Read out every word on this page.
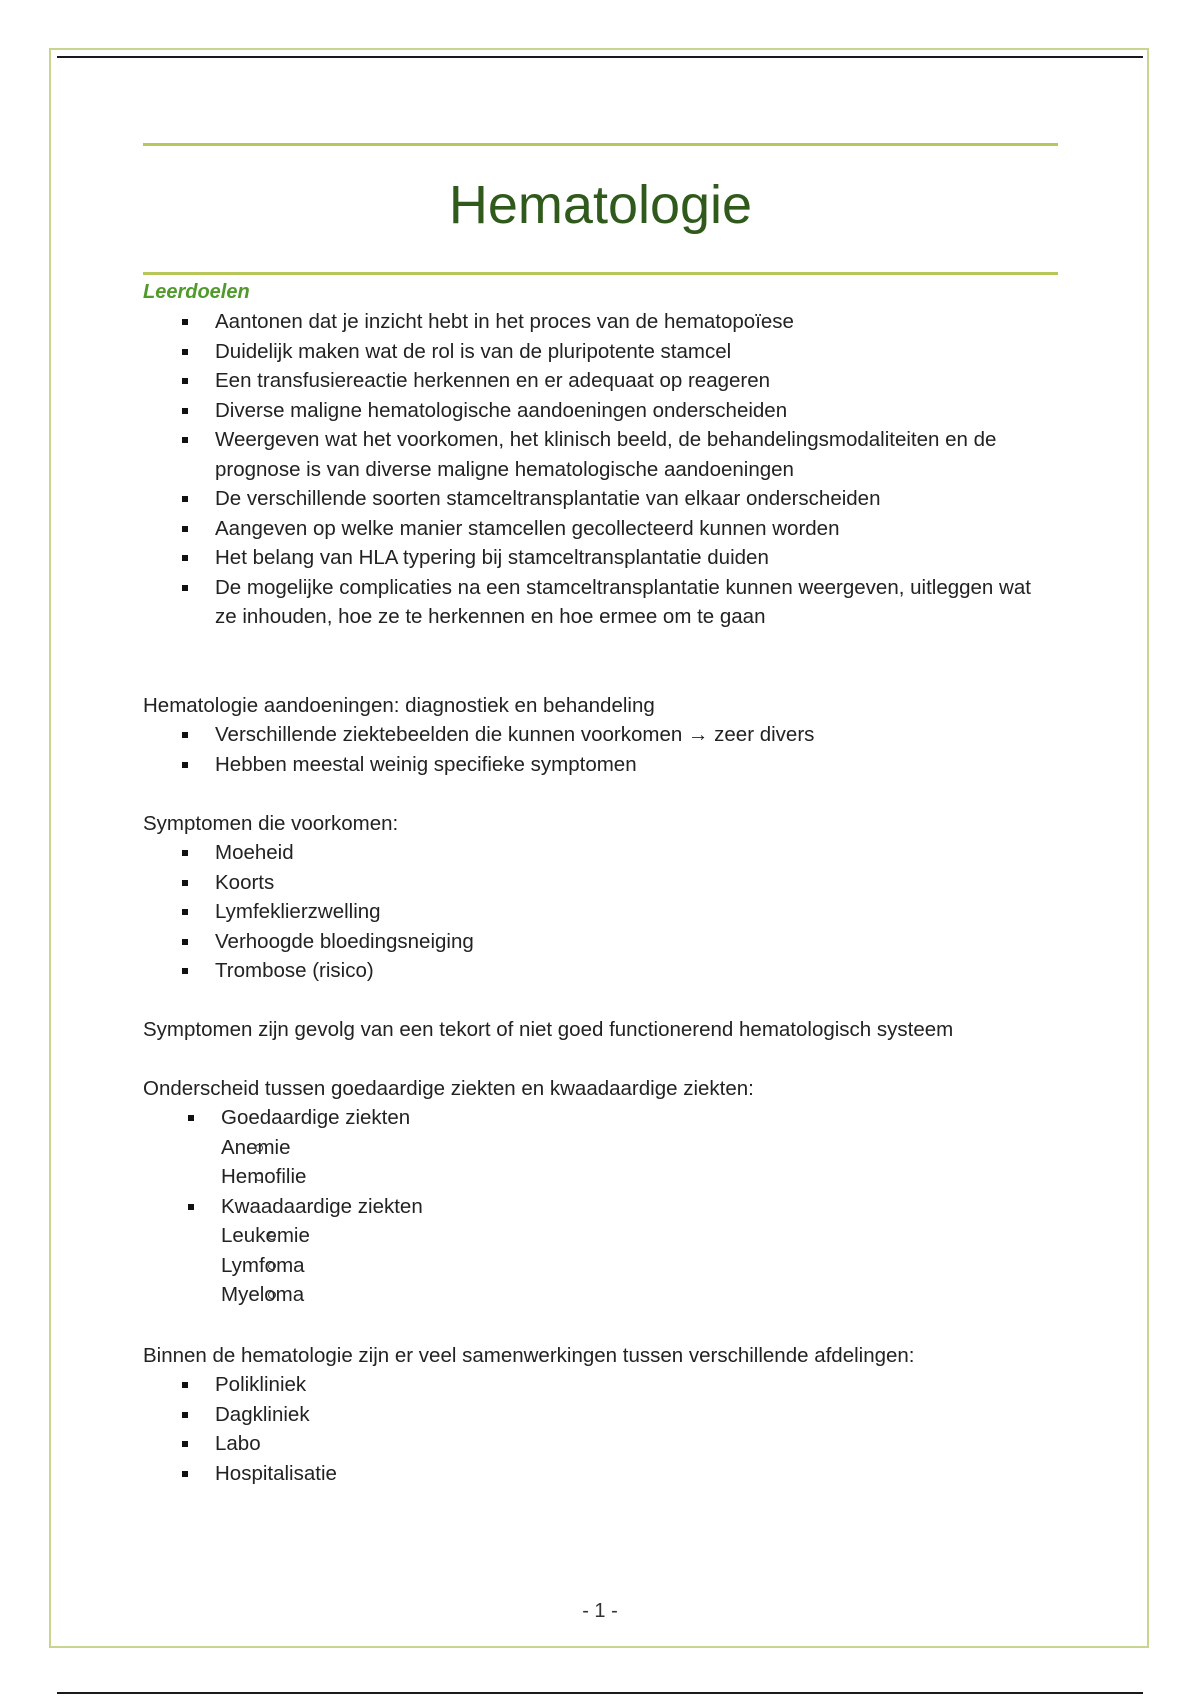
Hematologie
Leerdoelen
Aantonen dat je inzicht hebt in het proces van de hematopoïese
Duidelijk maken wat de rol is van de pluripotente stamcel
Een transfusiereactie herkennen en er adequaat op reageren
Diverse maligne hematologische aandoeningen onderscheiden
Weergeven wat het voorkomen, het klinisch beeld, de behandelingsmodaliteiten en de prognose is van diverse maligne hematologische aandoeningen
De verschillende soorten stamceltransplantatie van elkaar onderscheiden
Aangeven op welke manier stamcellen gecollecteerd kunnen worden
Het belang van HLA typering bij stamceltransplantatie duiden
De mogelijke complicaties na een stamceltransplantatie kunnen weergeven, uitleggen wat ze inhouden, hoe ze te herkennen en hoe ermee om te gaan
Hematologie aandoeningen: diagnostiek en behandeling
Verschillende ziektebeelden die kunnen voorkomen → zeer divers
Hebben meestal weinig specifieke symptomen
Symptomen die voorkomen:
Moeheid
Koorts
Lymfeklierzwelling
Verhoogde bloedingsneiging
Trombose (risico)
Symptomen zijn gevolg van een tekort of niet goed functionerend hematologisch systeem
Onderscheid tussen goedaardige ziekten en kwaadaardige ziekten:
Goedaardige ziekten
Anemie
Hemofilie
Kwaadaardige ziekten
Leukemie
Lymfoma
Myeloma
Binnen de hematologie zijn er veel samenwerkingen tussen verschillende afdelingen:
Polikliniek
Dagkliniek
Labo
Hospitalisatie
- 1 -
